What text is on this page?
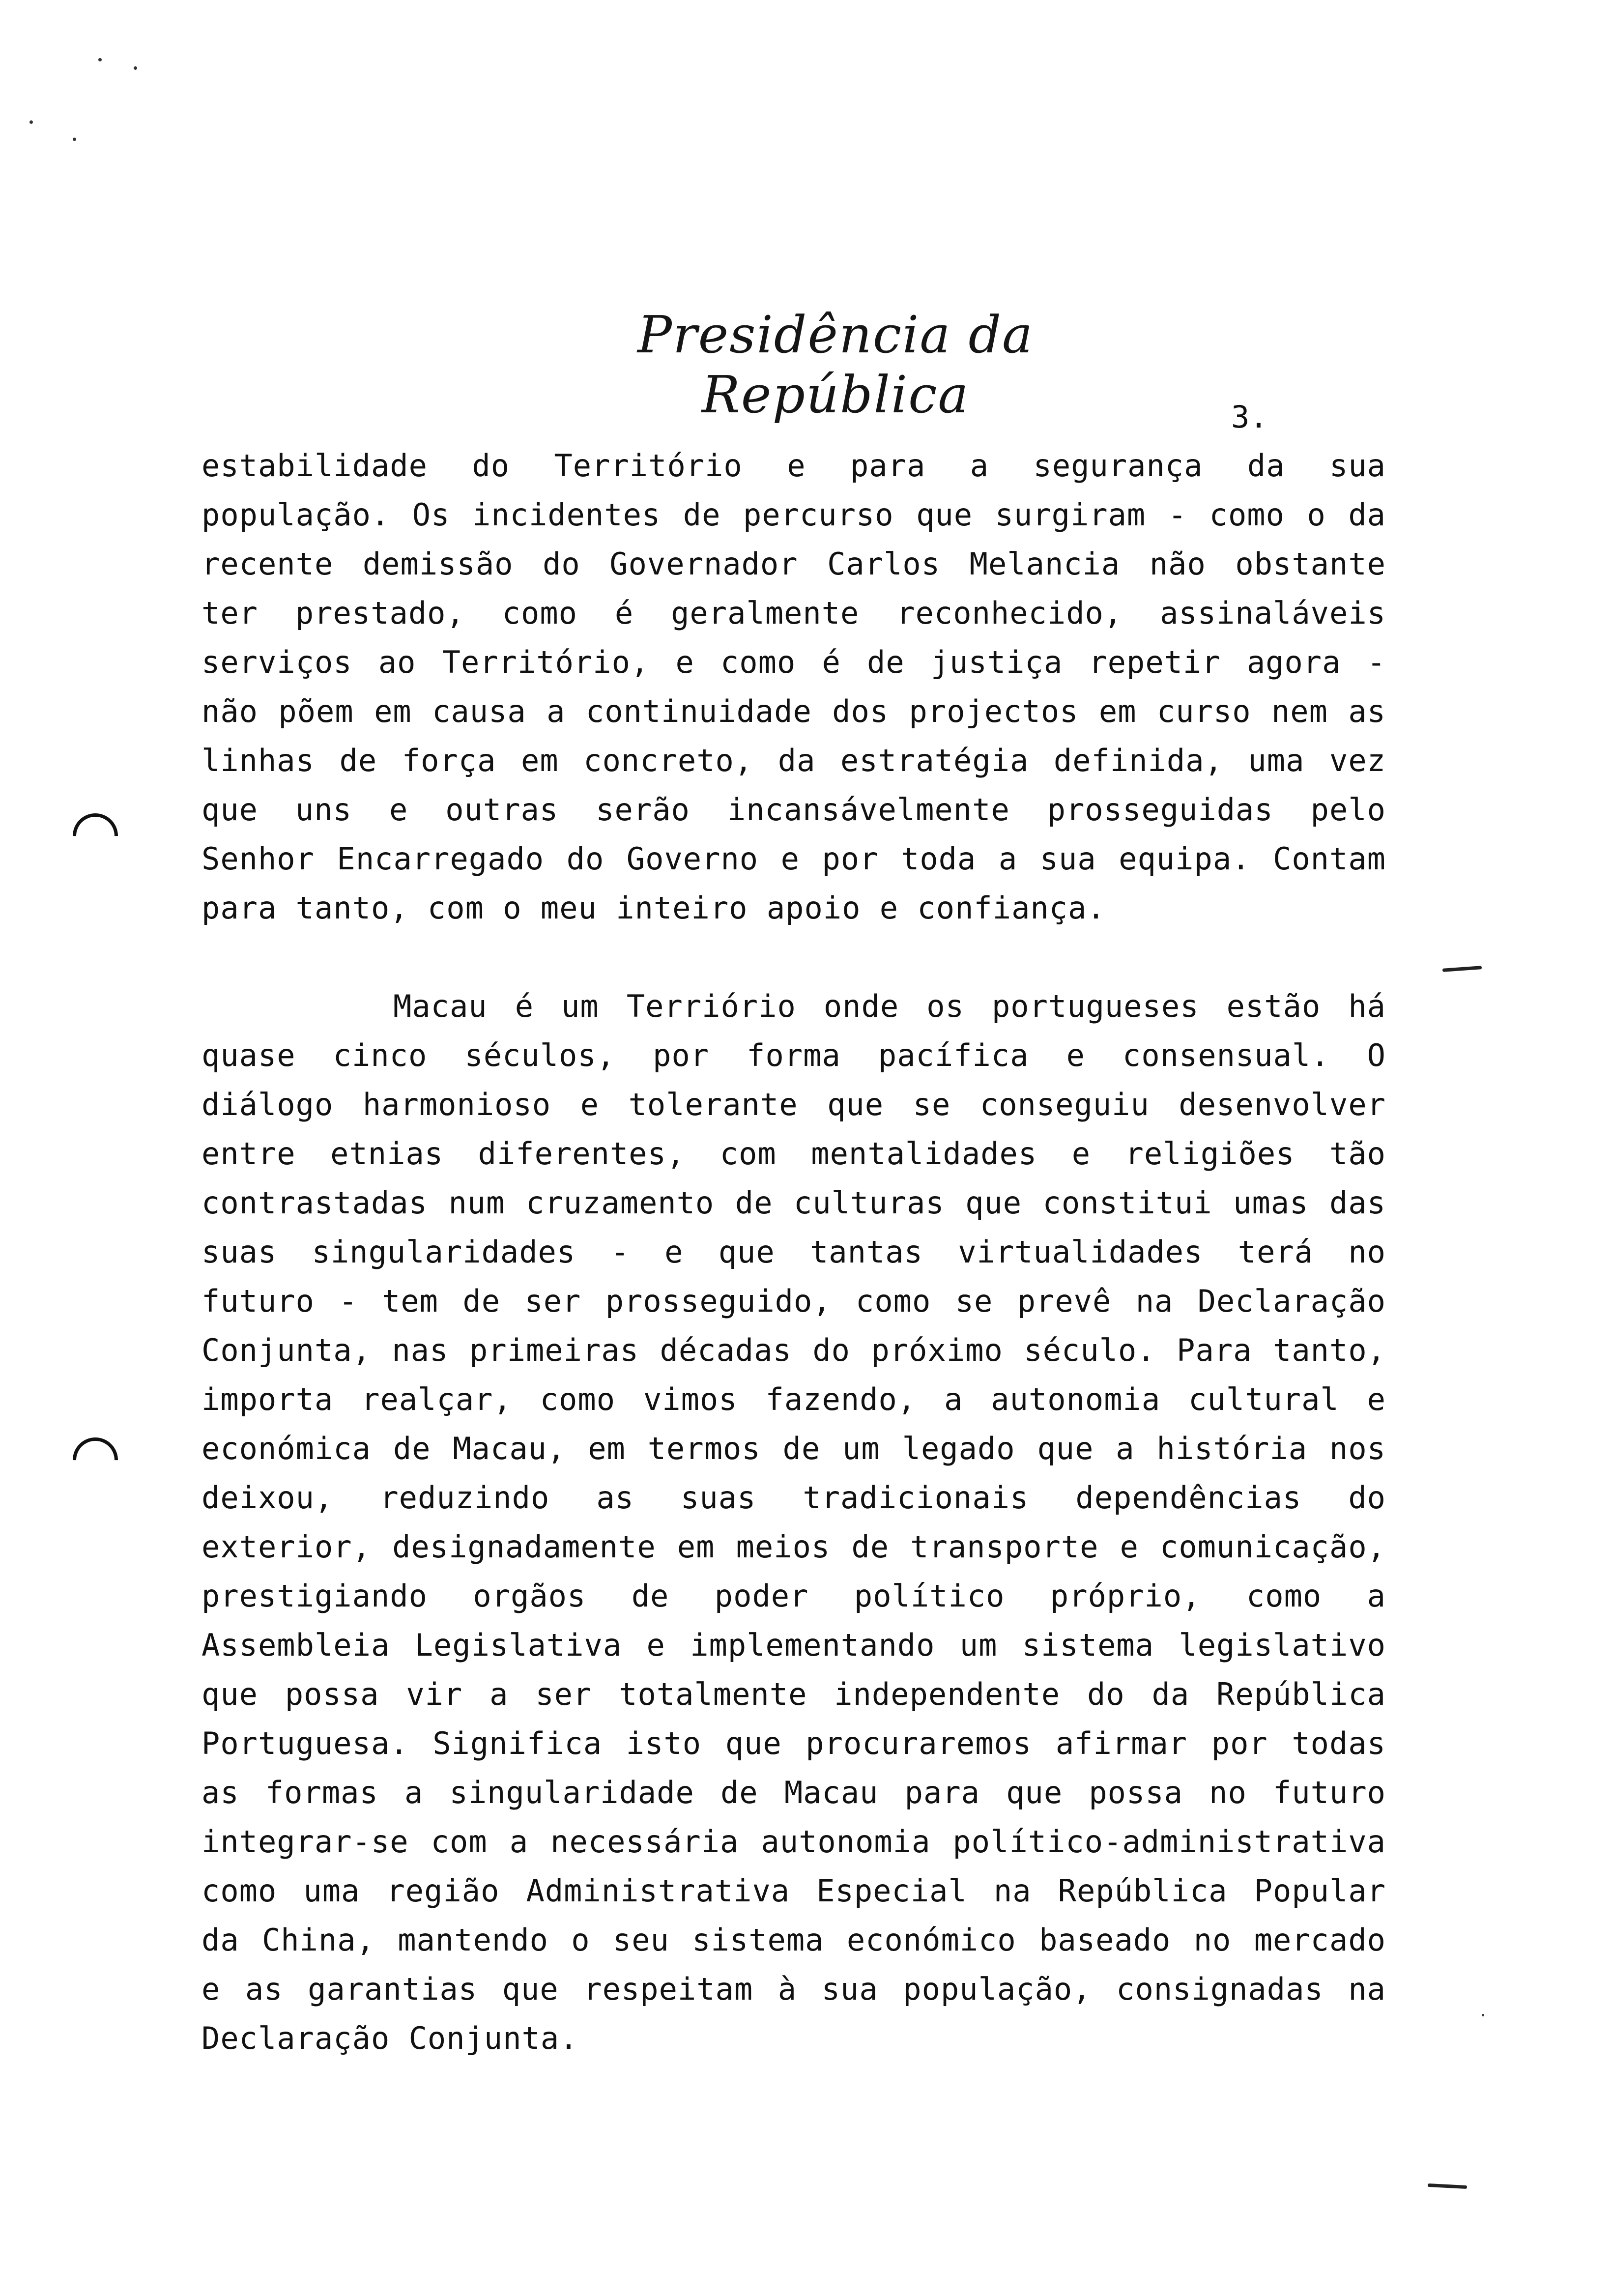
Presidência da República	3.

estabilidade do Território e para a segurança da sua população. Os incidentes de percurso que surgiram - como o da recente demissão do Governador Carlos Melancia não obstante ter prestado, como é geralmente reconhecido, assinaláveis serviços ao Território, e como é de justiça repetir agora - não põem em causa a continuidade dos projectos em curso nem as linhas de força em concreto, da estratégia definida, uma vez que uns e outras serão incansávelmente prosseguidas pelo Senhor Encarregado do Governo e por toda a sua equipa. Contam para tanto, com o meu inteiro apoio e confiança.

Macau é um Terriório onde os portugueses estão há quase cinco séculos, por forma pacífica e consensual. O diálogo harmonioso e tolerante que se conseguiu desenvolver entre etnias diferentes, com mentalidades e religiões tão contrastadas num cruzamento de culturas que constitui umas das suas singularidades - e que tantas virtualidades terá no futuro - tem de ser prosseguido, como se prevê na Declaração Conjunta, nas primeiras décadas do próximo século. Para tanto, importa realçar, como vimos fazendo, a autonomia cultural e económica de Macau, em termos de um legado que a história nos deixou, reduzindo as suas tradicionais dependências do exterior, designadamente em meios de transporte e comunicação, prestigiando orgãos de poder político próprio, como a Assembleia Legislativa e implementando um sistema legislativo que possa vir a ser totalmente independente do da República Portuguesa. Significa isto que procuraremos afirmar por todas as formas a singularidade de Macau para que possa no futuro integrar-se com a necessária autonomia político-administrativa como uma região Administrativa Especial na República Popular da China, mantendo o seu sistema económico baseado no mercado e as garantias que respeitam à sua população, consignadas na Declaração Conjunta.
